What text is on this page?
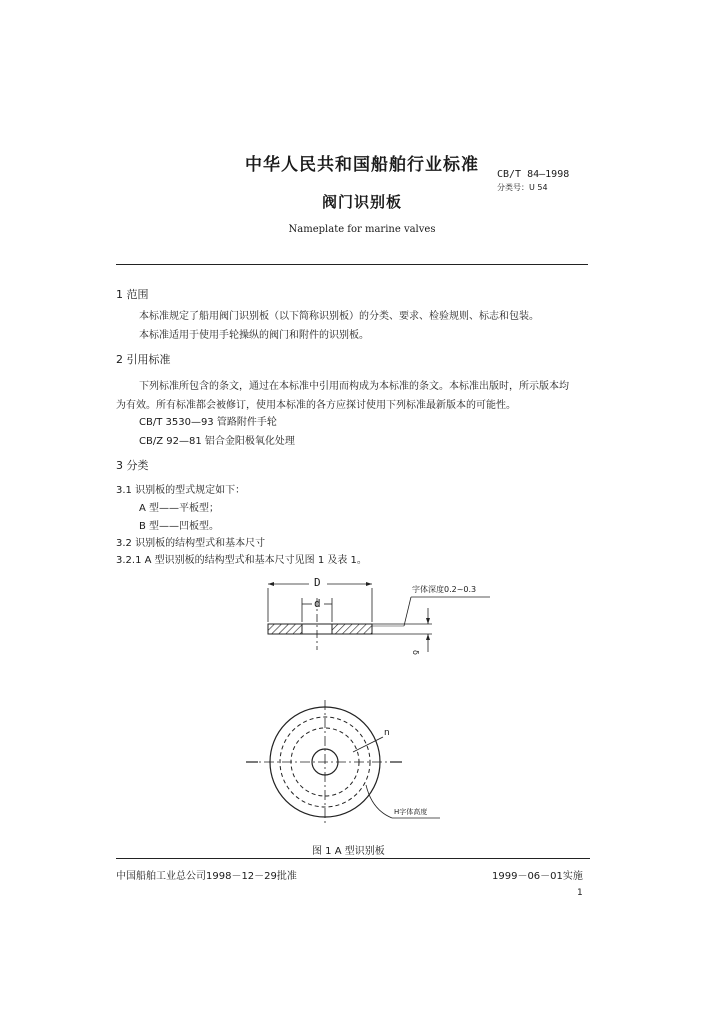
中华人民共和国船舶行业标准	CB/T 84—1998
分类号：U 54
阀门识别板
Nameplate for marine valves
1 范围
本标准规定了船用阀门识别板（以下简称识别板）的分类、要求、检验规则、标志和包装。
本标准适用于使用手轮操纵的阀门和附件的识别板。
2 引用标准
下列标准所包含的条文，通过在本标准中引用而构成为本标准的条文。本标准出版时，所示版本均
为有效。所有标准都会被修订，使用本标准的各方应探讨使用下列标准最新版本的可能性。
CB/T 3530—93 管路附件手轮
CB/Z 92—81 铝合金阳极氧化处理
3 分类
3.1 识别板的型式规定如下：
A 型——平板型；
B 型——凹板型。
3.2 识别板的结构型式和基本尺寸
3.2.1 A 型识别板的结构型式和基本尺寸见图 1 及表 1。
D
d
字体深度0.2~0.3
δ
n
H字体高度
图 1 A 型识别板
中国船舶工业总公司1998－12－29批准	1999－06－01实施
1
